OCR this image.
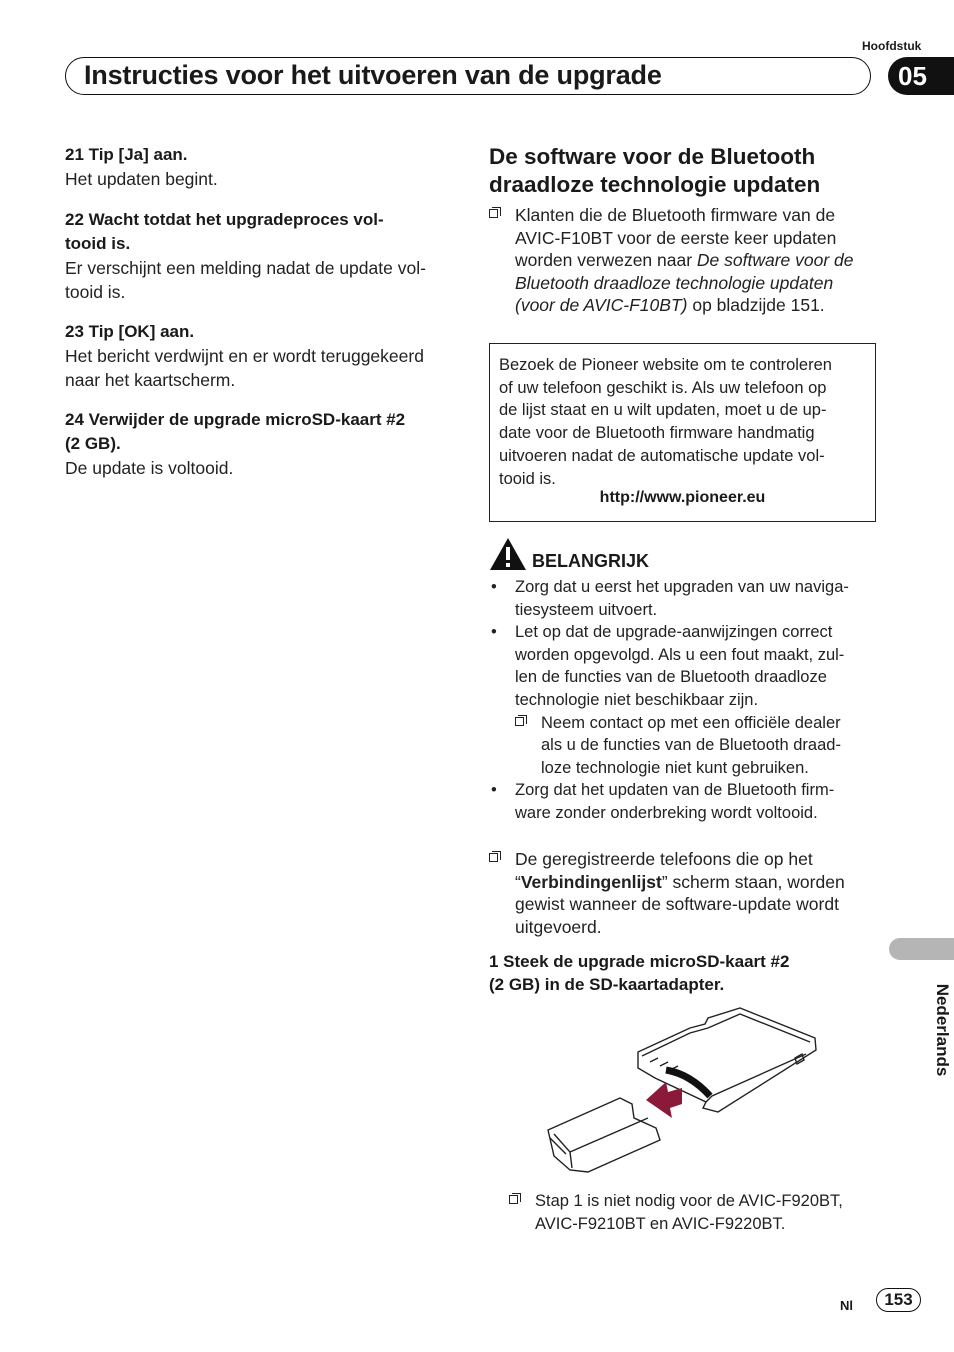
Hoofdstuk
Instructies voor het uitvoeren van de upgrade	05
21 Tip [Ja] aan.
Het updaten begint.
22 Wacht totdat het upgradeproces vol-
tooid is.
Er verschijnt een melding nadat de update vol-
tooid is.
23 Tip [OK] aan.
Het bericht verdwijnt en er wordt teruggekeerd
naar het kaartscherm.
24 Verwijder de upgrade microSD-kaart #2
(2 GB).
De update is voltooid.
De software voor de Bluetooth
draadloze technologie updaten
Klanten die de Bluetooth firmware van de
AVIC-F10BT voor de eerste keer updaten
worden verwezen naar De software voor de
Bluetooth draadloze technologie updaten
(voor de AVIC-F10BT) op bladzijde 151.
Bezoek de Pioneer website om te controleren
of uw telefoon geschikt is. Als uw telefoon op
de lijst staat en u wilt updaten, moet u de up-
date voor de Bluetooth firmware handmatig
uitvoeren nadat de automatische update vol-
tooid is.
http://www.pioneer.eu
BELANGRIJK
• Zorg dat u eerst het upgraden van uw naviga-
tiesysteem uitvoert.
• Let op dat de upgrade-aanwijzingen correct
worden opgevolgd. Als u een fout maakt, zul-
len de functies van de Bluetooth draadloze
technologie niet beschikbaar zijn.
Neem contact op met een officiële dealer
als u de functies van de Bluetooth draad-
loze technologie niet kunt gebruiken.
• Zorg dat het updaten van de Bluetooth firm-
ware zonder onderbreking wordt voltooid.
De geregistreerde telefoons die op het
“Verbindingenlijst” scherm staan, worden
gewist wanneer de software-update wordt
uitgevoerd.
1 Steek de upgrade microSD-kaart #2
(2 GB) in de SD-kaartadapter.
Stap 1 is niet nodig voor de AVIC-F920BT,
AVIC-F9210BT en AVIC-F9220BT.
Nederlands
Nl	153
